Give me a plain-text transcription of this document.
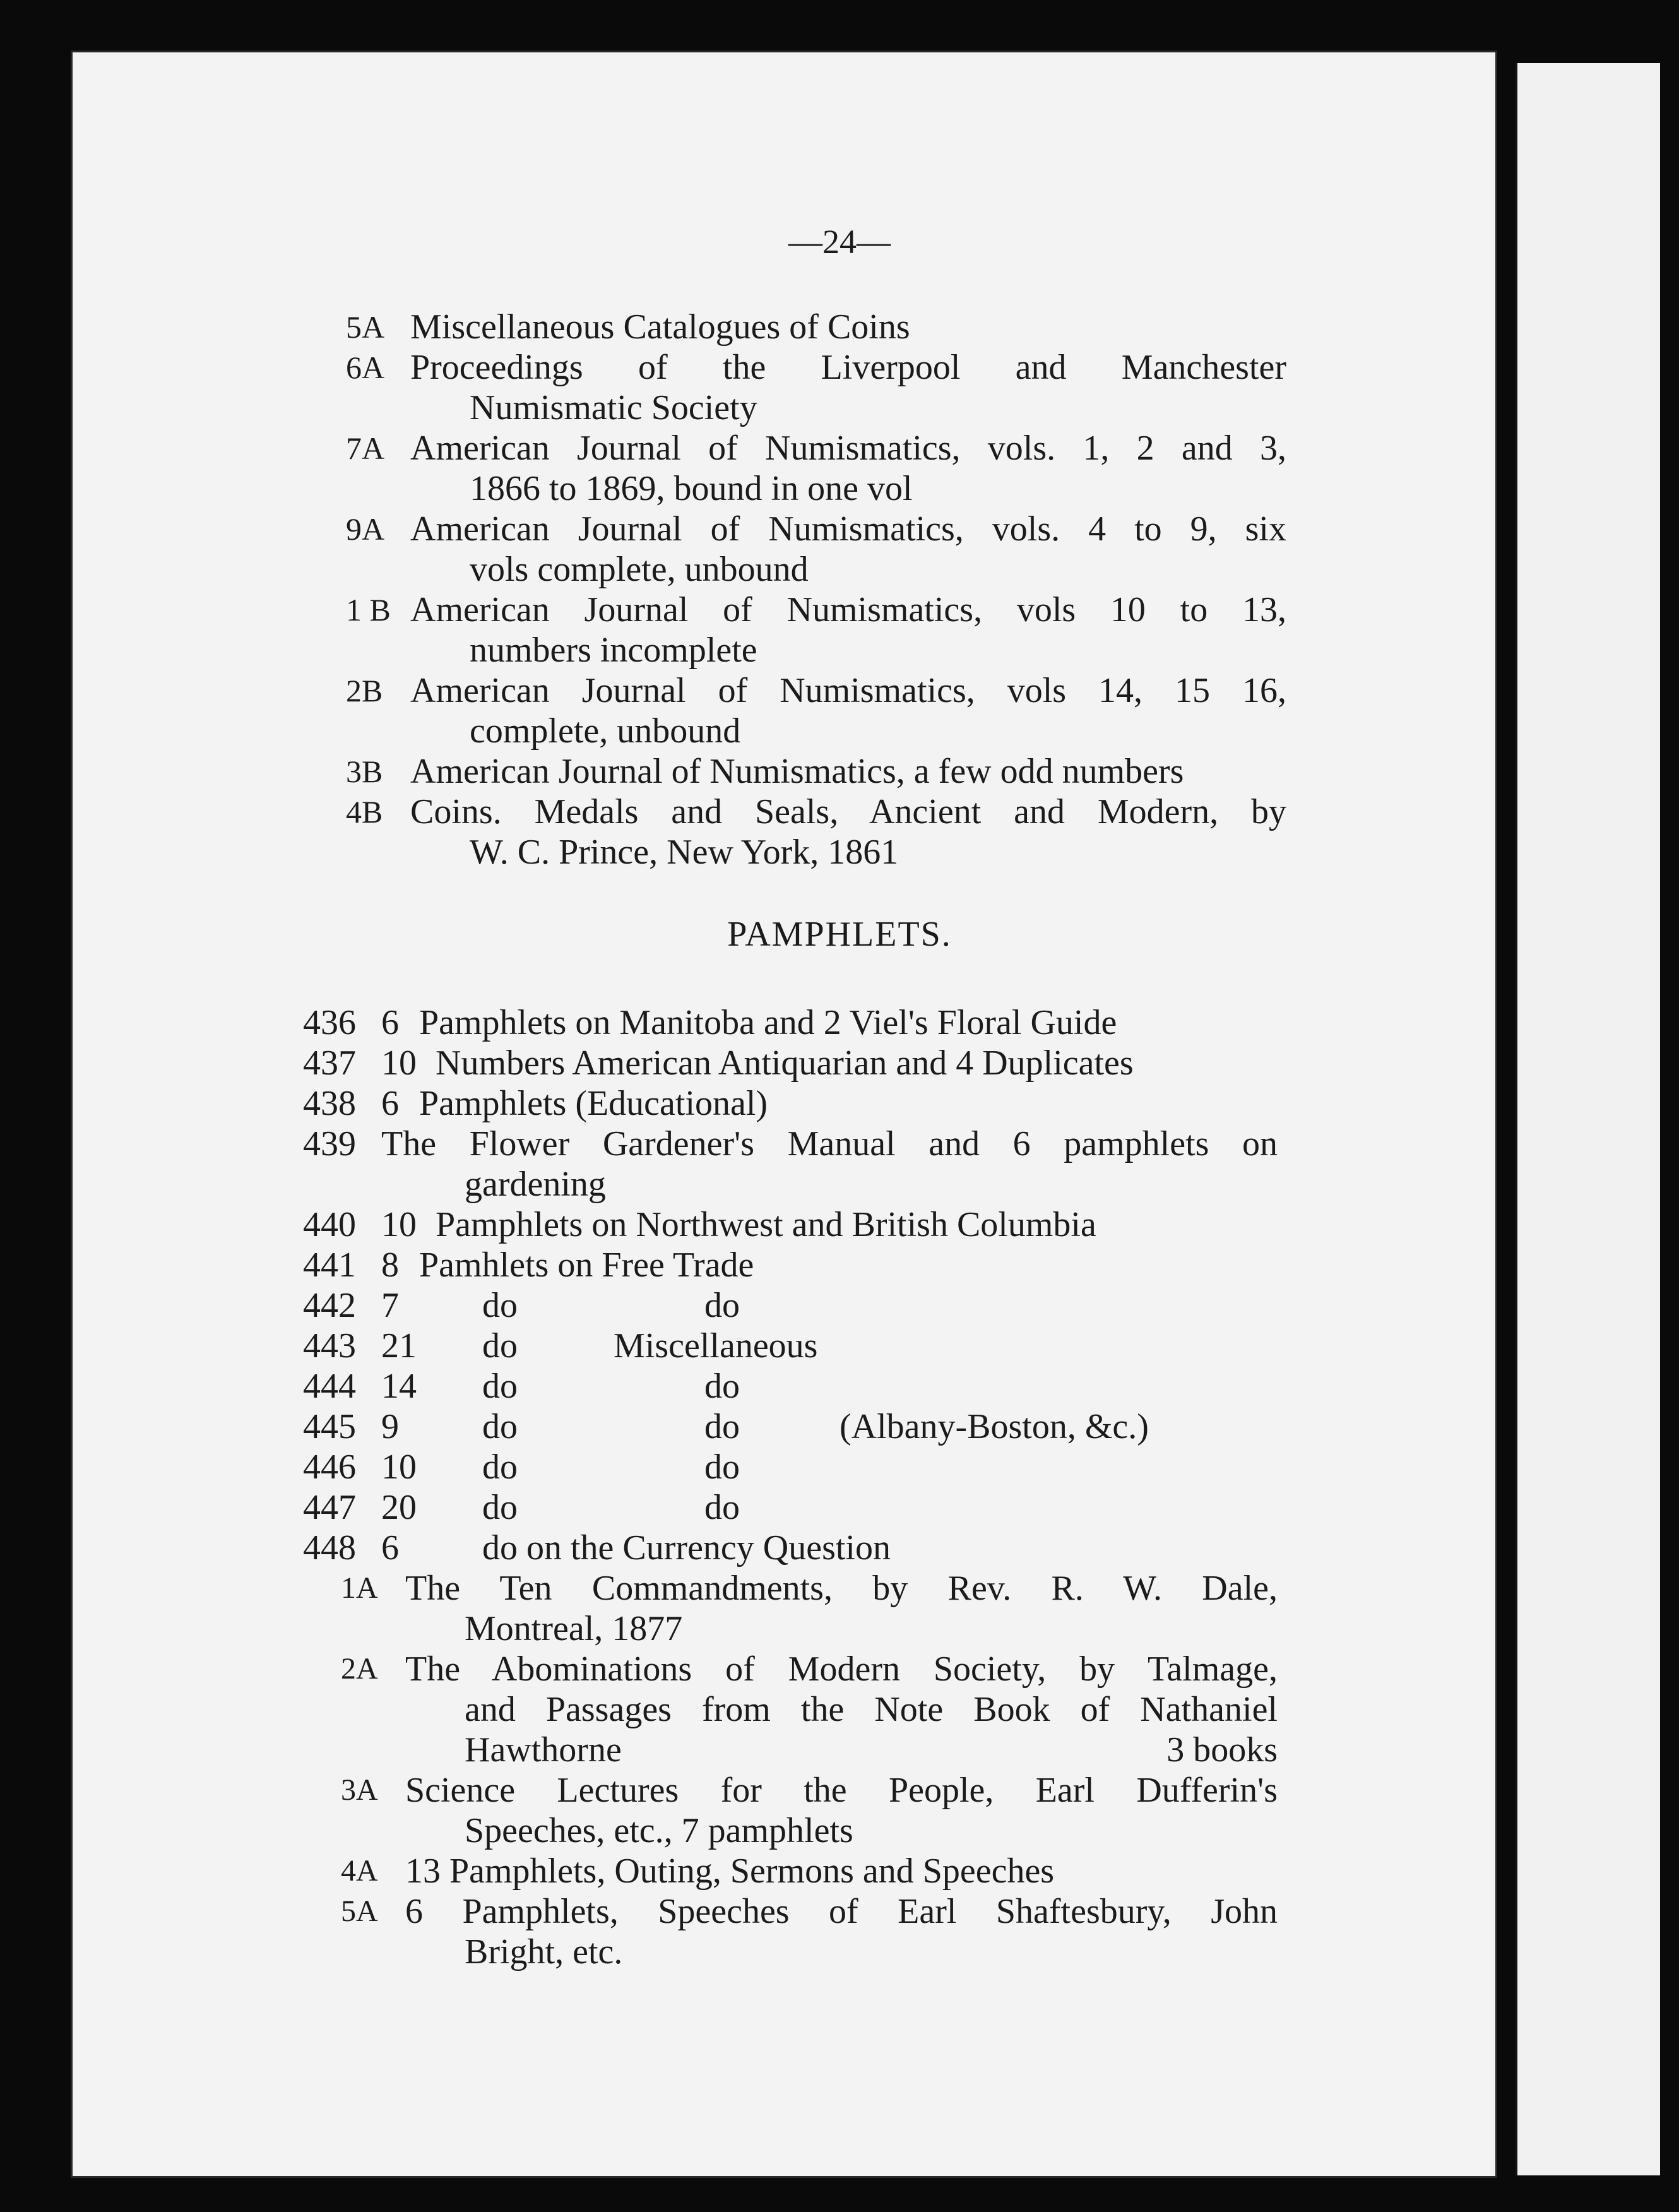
—24—
5A Miscellaneous Catalogues of Coins
6A Proceedings of the Liverpool and Manchester
Numismatic Society
7A American Journal of Numismatics, vols. 1, 2 and 3,
1866 to 1869, bound in one vol
9A American Journal of Numismatics, vols. 4 to 9, six
vols complete, unbound
1 B American Journal of Numismatics, vols 10 to 13,
numbers incomplete
2B American Journal of Numismatics, vols 14, 15 16,
complete, unbound
3B American Journal of Numismatics, a few odd numbers
4B Coins. Medals and Seals, Ancient and Modern, by
W. C. Prince, New York, 1861
PAMPHLETS.
436 6 Pamphlets on Manitoba and 2 Viel's Floral Guide
437 10 Numbers American Antiquarian and 4 Duplicates
438 6 Pamphlets (Educational)
439 The Flower Gardener's Manual and 6 pamphlets on
gardening
440 10 Pamphlets on Northwest and British Columbia
441 8 Pamhlets on Free Trade
442 7 do	do
443 21 do	Miscellaneous
444 14 do	do
445 9 do	do	(Albany-Boston, &c.)
446 10 do	do
447 20 do	do
448 6 do on the Currency Question
1A The Ten Commandments, by Rev. R. W. Dale,
Montreal, 1877
2A The Abominations of Modern Society, by Talmage,
and Passages from the Note Book of Nathaniel
Hawthorne	3 books
3A Science Lectures for the People, Earl Dufferin's
Speeches, etc., 7 pamphlets
4A 13 Pamphlets, Outing, Sermons and Speeches
5A 6 Pamphlets, Speeches of Earl Shaftesbury, John
Bright, etc.
